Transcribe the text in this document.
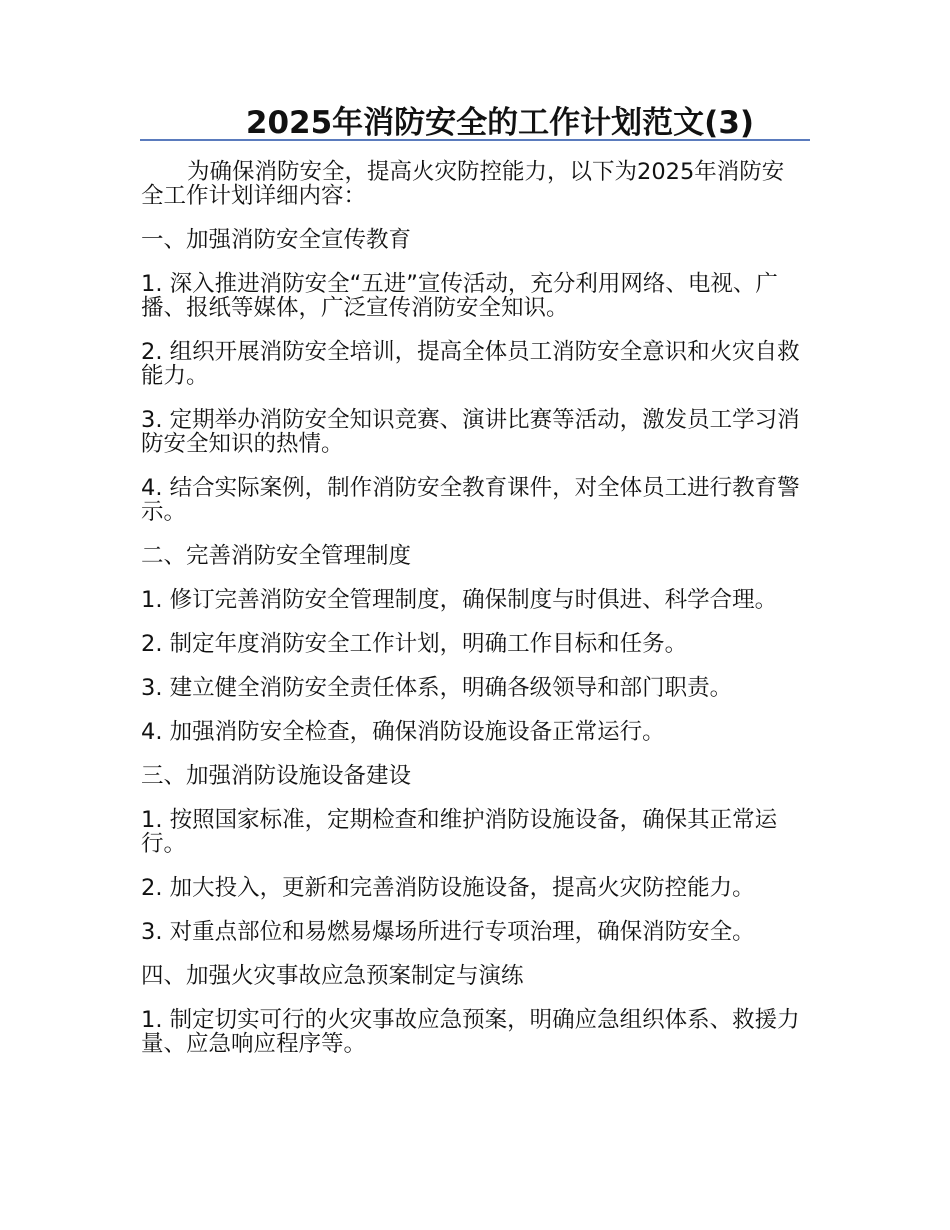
2025年消防安全的工作计划范文(3)

为确保消防安全，提高火灾防控能力，以下为2025年消防安全工作计划详细内容：

一、加强消防安全宣传教育

1. 深入推进消防安全“五进”宣传活动，充分利用网络、电视、广播、报纸等媒体，广泛宣传消防安全知识。

2. 组织开展消防安全培训，提高全体员工消防安全意识和火灾自救能力。

3. 定期举办消防安全知识竞赛、演讲比赛等活动，激发员工学习消防安全知识的热情。

4. 结合实际案例，制作消防安全教育课件，对全体员工进行教育警示。

二、完善消防安全管理制度

1. 修订完善消防安全管理制度，确保制度与时俱进、科学合理。

2. 制定年度消防安全工作计划，明确工作目标和任务。

3. 建立健全消防安全责任体系，明确各级领导和部门职责。

4. 加强消防安全检查，确保消防设施设备正常运行。

三、加强消防设施设备建设

1. 按照国家标准，定期检查和维护消防设施设备，确保其正常运行。

2. 加大投入，更新和完善消防设施设备，提高火灾防控能力。

3. 对重点部位和易燃易爆场所进行专项治理，确保消防安全。

四、加强火灾事故应急预案制定与演练

1. 制定切实可行的火灾事故应急预案，明确应急组织体系、救援力量、应急响应程序等。
